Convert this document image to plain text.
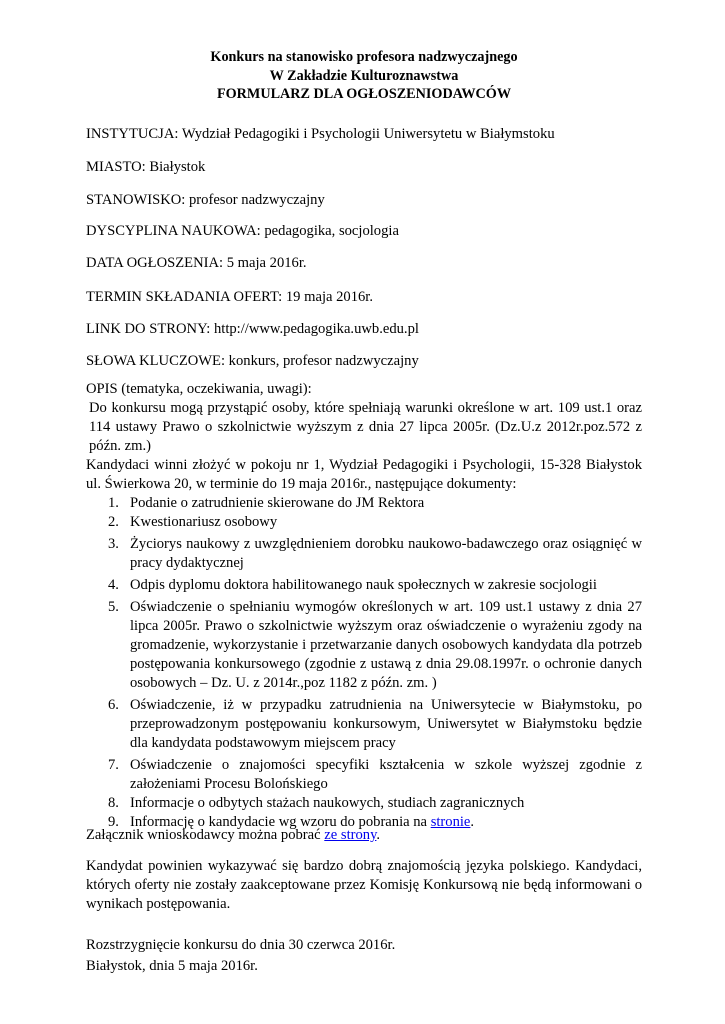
Konkurs na stanowisko profesora nadzwyczajnego
W Zakładzie Kulturoznawstwa
FORMULARZ DLA OGŁOSZENIODAWCÓW
INSTYTUCJA: Wydział Pedagogiki i Psychologii Uniwersytetu w Białymstoku
MIASTO: Białystok
STANOWISKO: profesor nadzwyczajny
DYSCYPLINA NAUKOWA: pedagogika, socjologia
DATA OGŁOSZENIA: 5 maja 2016r.
TERMIN SKŁADANIA OFERT: 19 maja 2016r.
LINK DO STRONY: http://www.pedagogika.uwb.edu.pl
SŁOWA KLUCZOWE: konkurs, profesor nadzwyczajny
OPIS (tematyka, oczekiwania, uwagi):

Do konkursu mogą przystąpić osoby, które spełniają warunki określone w art. 109 ust.1 oraz 114 ustawy Prawo o szkolnictwie wyższym z dnia 27 lipca 2005r. (Dz.U.z 2012r.poz.572 z późn. zm.)

Kandydaci winni złożyć w pokoju nr 1, Wydział Pedagogiki i Psychologii, 15-328 Białystok ul. Świerkowa 20, w terminie do 19 maja 2016r., następujące dokumenty:

1. Podanie o zatrudnienie skierowane do JM Rektora
2. Kwestionariusz osobowy
3. Życiorys naukowy z uwzględnieniem dorobku naukowo-badawczego oraz osiągnięć w pracy dydaktycznej
4. Odpis dyplomu doktora habilitowanego nauk społecznych w zakresie socjologii
5. Oświadczenie o spełnianiu wymogów określonych w art. 109 ust.1 ustawy z dnia 27 lipca 2005r. Prawo o szkolnictwie wyższym oraz oświadczenie o wyrażeniu zgody na gromadzenie, wykorzystanie i przetwarzanie danych osobowych kandydata dla potrzeb postępowania konkursowego (zgodnie z ustawą z dnia 29.08.1997r. o ochronie danych osobowych – Dz. U. z 2014r.,poz 1182 z późn. zm. )
6. Oświadczenie, iż w przypadku zatrudnienia na Uniwersytecie w Białymstoku, po przeprowadzonym postępowaniu konkursowym, Uniwersytet w Białymstoku będzie dla kandydata podstawowym miejscem pracy
7. Oświadczenie o znajomości specyfiki kształcenia w szkole wyższej zgodnie z założeniami Procesu Bolońskiego
8. Informacje o odbytych stażach naukowych, studiach zagranicznych
9. Informację o kandydacie wg wzoru do pobrania na stronie.
Załącznik wnioskodawcy można pobrać ze strony.

Kandydat powinien wykazywać się bardzo dobrą znajomością języka polskiego. Kandydaci, których oferty nie zostały zaakceptowane przez Komisję Konkursową nie będą informowani o wynikach postępowania.

Rozstrzygnięcie konkursu do dnia 30 czerwca 2016r.
Białystok, dnia 5 maja 2016r.
